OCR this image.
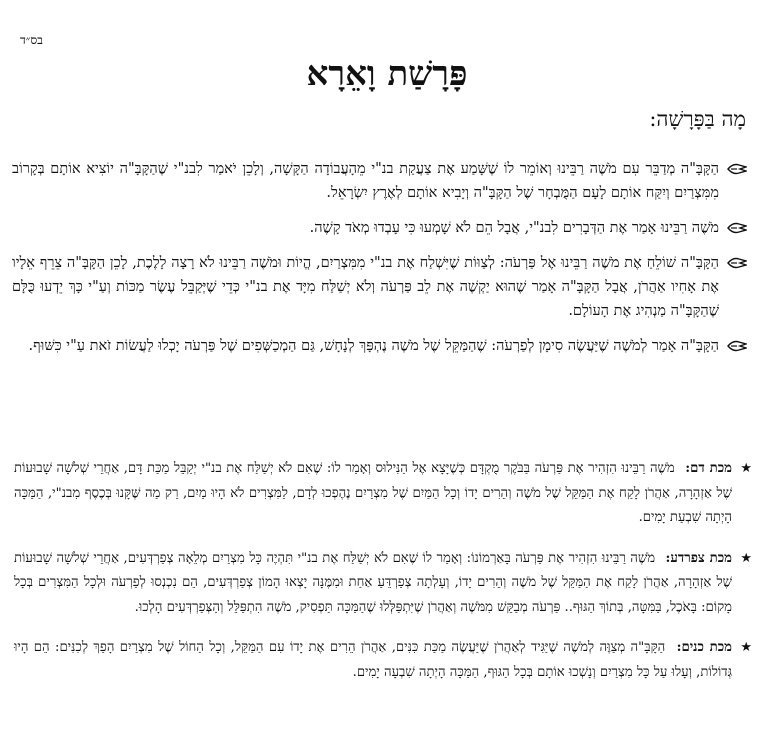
בס״ד
פָּרָשַׁת וָאֵרָא
מָה בַּפָּרָשָׁה:
הַקָּבָּ"ה מְדַבֵּר עִם מֹשֶׁה רַבֵּינוּ וְאוֹמֵר לוֹ שֶׁשָּׁמַע אֶת צַעֲקַת בנ"י מֵהָעֲבוֹדָה הַקָּשָׁה, וְלָכֵן יֹאמַר לִבנ"י שֶׁהַקָּבָּ"ה יוֹצִיא אוֹתָם בְּקָרוֹב מִמִּצְרַיִם וְיִקַּח אוֹתָם לָעָם הַמֻּבְחָר שֶׁל הַקָּבָּ"ה וְיָבִיא אוֹתָם לְאֶרֶץ יִשְׂרָאֵל.
מֹשֶׁה רַבֵּינוּ אָמַר אֶת הַדְּבָרִים לִבנ"י, אֲבָל הֵם לֹא שָׁמְעוּ כִּי עָבְדוּ מְאֹד קָשֶׁה.
הַקָּבָּ"ה שׁוֹלֵחַ אֶת מֹשֶׁה רַבֵּינוּ אֶל פַּרְעֹה: לְצַוּוֹת שֶׁיִּשְׁלַח אֶת בנ"י מִמִּצְרַיִם, הֱיוֹת וּמֹשֶׁה רַבֵּינוּ לֹא רָצָה לָלֶכֶת, לָכֵן הַקָּבָּ"ה צֵרֵף אֵלָיו אֶת אָחִיו אַהֲרֹן, אֲבָל הַקָּבָּ"ה אָמַר שֶׁהוּא יַקְשֶׁה אֶת לֵב פַּרְעֹה וְלֹא יְשַׁלַּח מִיָּד אֶת בנ"י כְּדֵי שֶׁיְּקַבֵּל עֶשֶׂר מַכּוֹת וְעַ"י כָּךְ יֵדְעוּ כֻּלָּם שֶׁהַקָּבָּ"ה מַנְהִיג אֶת הָעוֹלָם.
הַקָּבָּ"ה אָמַר לְמֹשֶׁה שֶׁיַּעֲשֶׂה סִימָן לְפַרְעֹה: שֶׁהַמַּקֵּל שֶׁל מֹשֶׁה נֶהְפָּךְ לְנָחָשׁ, גַּם הַמְכַשְּׁפִים שֶׁל פַּרְעֹה יָכְלוּ לַעֲשׂוֹת זֹאת עַ"י כִּשּׁוּף.
★
מכת דם: מֹשֶׁה רַבֵּינוּ הִזְהִיר אֶת פַּרְעֹה בַּבֹּקֶר מֻקְדָּם כְּשֶׁיָּצָא אֶל הַנִּילוּס וְאָמַר לוֹ: שֶׁאִם לֹא יְשַׁלַּח אֶת בנ"י יְקַבֵּל מַכַּת דָּם, אַחֲרֵי שְׁלֹשָׁה שָׁבוּעוֹת שֶׁל אַזְהָרָה, אַהֲרֹן לָקַח אֶת הַמַּקֵּל שֶׁל מֹשֶׁה וְהֵרִים יָדוֹ וְכָל הַמַּיִם שֶׁל מִצְרַיִם נֶהֶפְכוּ לְדָם, לַמִּצְרִים לֹא הָיוּ מַיִם, רַק מַה שֶּׁקָּנוּ בְּכֶסֶף מִבנ"י, הַמַּכָּה הָיְתָה שִׁבְעַת יָמִים.
★
מכת צפרדע: מֹשֶׁה רַבֵּינוּ הִזְהִיר אֶת פַּרְעֹה בָּאַרְמוֹנוֹ: וְאָמַר לוֹ שֶׁאִם לֹא יְשַׁלַּח אֶת בנ"י תִּהְיֶה כָּל מִצְרַיִם מְלֵאָה צְפַרְדְּעִים, אַחֲרֵי שְׁלֹשָׁה שָׁבוּעוֹת שֶׁל אַזְהָרָה, אַהֲרֹן לָקַח אֶת הַמַּקֵּל שֶׁל מֹשֶׁה וְהֵרִים יָדוֹ, וְעָלְתָה צְפַרְדֵּעַ אַחַת וּמִמֶּנָּה יָצְאוּ הָמוֹן צְפַרְדְּעִים, הֵם נִכְנְסוּ לְפַרְעֹה וּלְכָל הַמִּצְרִים בְּכָל מָקוֹם: בָּאֹכֶל, בַּמִּטָּה, בְּתוֹךְ הַגּוּף.. פַּרְעֹה מְבַקֵּשׁ מִמֹּשֶׁה וְאַהֲרֹן שֶׁיִּתְפַּלְּלוּ שֶׁהַמַּכָּה תַּפְסִיק, מֹשֶׁה הִתְפַּלֵּל וְהַצְּפַרְדְּעִים הָלְכוּ.
★
מכת כנים: הַקָּבָּ"ה מְצַוֶּה לְמֹשֶׁה שֶׁיַּגִּיד לְאַהֲרֹן שֶׁיַּעֲשֶׂה מַכַּת כִּנִּים, אַהֲרֹן הֵרִים אֶת יָדוֹ עִם הַמַּקֵּל, וְכָל הַחוֹל שֶׁל מִצְרַיִם הָפַךְ לְכִנִּים: הֵם הָיוּ גְּדוֹלוֹת, וְעָלוּ עַל כָּל מִצְרַיִם וְנָשְׁכוּ אוֹתָם בְּכָל הַגּוּף, הַמַּכָּה הָיְתָה שִׁבְעָה יָמִים.
